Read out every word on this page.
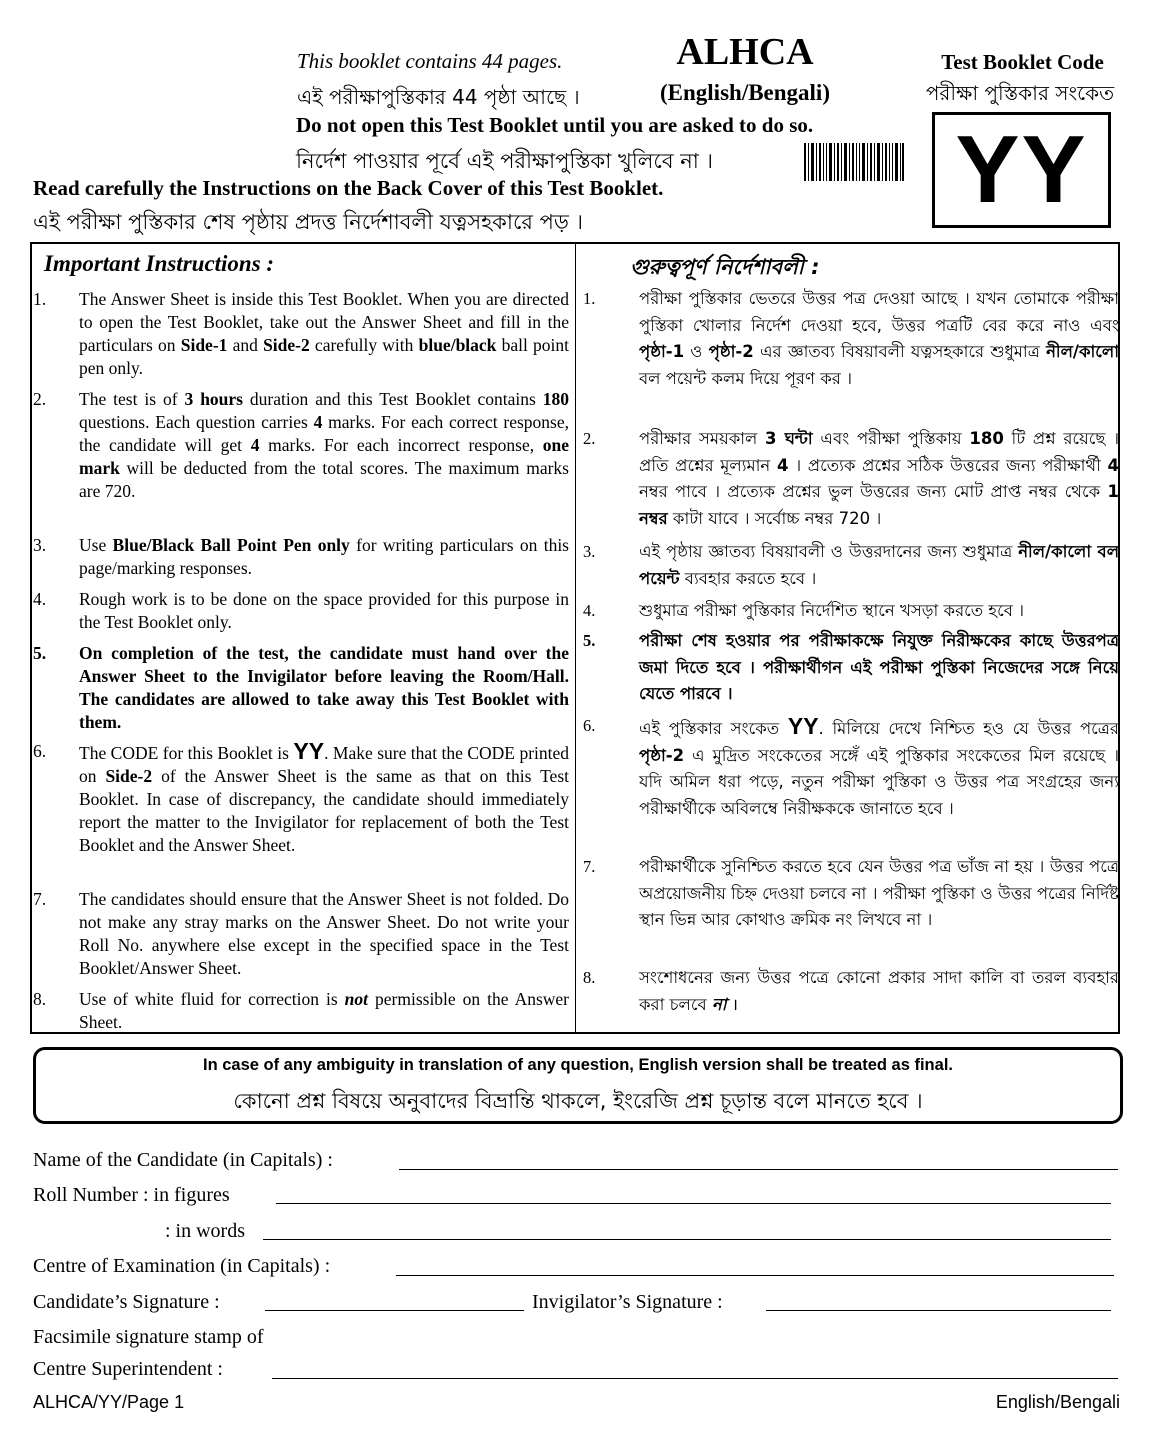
This booklet contains 44 pages.
এই পরীক্ষাপুস্তিকার 44 পৃষ্ঠা আছে ।
ALHCA
(English/Bengali)
Test Booklet Code
পরীক্ষা পুস্তিকার সংকেত
YY
Do not open this Test Booklet until you are asked to do so.
নির্দেশ পাওয়ার পূর্বে এই পরীক্ষাপুস্তিকা খুলিবে না ।
Read carefully the Instructions on the Back Cover of this Test Booklet.
এই পরীক্ষা পুস্তিকার শেষ পৃষ্ঠায় প্রদত্ত নির্দেশাবলী যত্নসহকারে পড় ।
Important Instructions :	গুরুত্বপূর্ণ নির্দেশাবলী :
1. The Answer Sheet is inside this Test Booklet. When you are directed to open the Test Booklet, take out the Answer Sheet and fill in the particulars on Side-1 and Side-2 carefully with blue/black ball point pen only.
2. The test is of 3 hours duration and this Test Booklet contains 180 questions. Each question carries 4 marks. For each correct response, the candidate will get 4 marks. For each incorrect response, one mark will be deducted from the total scores. The maximum marks are 720.
3. Use Blue/Black Ball Point Pen only for writing particulars on this page/marking responses.
4. Rough work is to be done on the space provided for this purpose in the Test Booklet only.
5. On completion of the test, the candidate must hand over the Answer Sheet to the Invigilator before leaving the Room/Hall. The candidates are allowed to take away this Test Booklet with them.
6. The CODE for this Booklet is YY. Make sure that the CODE printed on Side-2 of the Answer Sheet is the same as that on this Test Booklet. In case of discrepancy, the candidate should immediately report the matter to the Invigilator for replacement of both the Test Booklet and the Answer Sheet.
7. The candidates should ensure that the Answer Sheet is not folded. Do not make any stray marks on the Answer Sheet. Do not write your Roll No. anywhere else except in the specified space in the Test Booklet/Answer Sheet.
8. Use of white fluid for correction is not permissible on the Answer Sheet.
1.	পরীক্ষা পুস্তিকার ভেতরে উত্তর পত্র দেওয়া আছে । যখন তোমাকে পরীক্ষা পুস্তিকা খোলার নির্দেশ দেওয়া হবে, উত্তর পত্রটি বের করে নাও এবং পৃষ্ঠা-1 ও পৃষ্ঠা-2 এর জ্ঞাতব্য বিষয়াবলী যত্নসহকারে শুধুমাত্র নীল/কালো বল পয়েন্ট কলম দিয়ে পূরণ কর ।
2.	পরীক্ষার সময়কাল 3 ঘন্টা এবং পরীক্ষা পুস্তিকায় 180 টি প্রশ্ন রয়েছে । প্রতি প্রশ্নের মূল্যমান 4 । প্রত্যেক প্রশ্নের সঠিক উত্তরের জন্য পরীক্ষার্থী 4 নম্বর পাবে । প্রত্যেক প্রশ্নের ভুল উত্তরের জন্য মোট প্রাপ্ত নম্বর থেকে 1 নম্বর কাটা যাবে । সর্বোচ্চ নম্বর 720 ।
3.	এই পৃষ্ঠায় জ্ঞাতব্য বিষয়াবলী ও উত্তরদানের জন্য শুধুমাত্র নীল/কালো বল পয়েন্ট ব্যবহার করতে হবে ।
4.	শুধুমাত্র পরীক্ষা পুস্তিকার নির্দেশিত স্থানে খসড়া করতে হবে ।
5.	পরীক্ষা শেষ হওয়ার পর পরীক্ষাকক্ষে নিযুক্ত নিরীক্ষকের কাছে উত্তরপত্র জমা দিতে হবে । পরীক্ষার্থীগন এই পরীক্ষা পুস্তিকা নিজেদের সঙ্গে নিয়ে যেতে পারবে ।
6.	এই পুস্তিকার সংকেত YY. মিলিয়ে দেখে নিশ্চিত হও যে উত্তর পত্রের পৃষ্ঠা-2 এ মুদ্রিত সংকেতের সঙ্গেঁ এই পুস্তিকার সংকেতের মিল রয়েছে । যদি অমিল ধরা পড়ে, নতুন পরীক্ষা পুস্তিকা ও উত্তর পত্র সংগ্রহের জন্য পরীক্ষার্থীকে অবিলম্বে নিরীক্ষককে জানাতে হবে ।
7.	পরীক্ষার্থীকে সুনিশ্চিত করতে হবে যেন উত্তর পত্র ভাঁজ না হয় । উত্তর পত্রে অপ্রয়োজনীয় চিহ্ন দেওয়া চলবে না । পরীক্ষা পুস্তিকা ও উত্তর পত্রের নির্দিষ্ট স্থান ভিন্ন আর কোথাও ক্রমিক নং লিখবে না ।
8.	সংশোধনের জন্য উত্তর পত্রে কোনো প্রকার সাদা কালি বা তরল ব্যবহার করা চলবে না ।
In case of any ambiguity in translation of any question, English version shall be treated as final.
কোনো প্রশ্ন বিষয়ে অনুবাদের বিভ্রান্তি থাকলে, ইংরেজি প্রশ্ন চূড়ান্ত বলে মানতে হবে ।
Name of the Candidate (in Capitals) :
Roll Number : in figures
: in words
Centre of Examination (in Capitals) :
Candidate’s Signature :	Invigilator’s Signature :
Facsimile signature stamp of
Centre Superintendent :
ALHCA/YY/Page 1	English/Bengali
